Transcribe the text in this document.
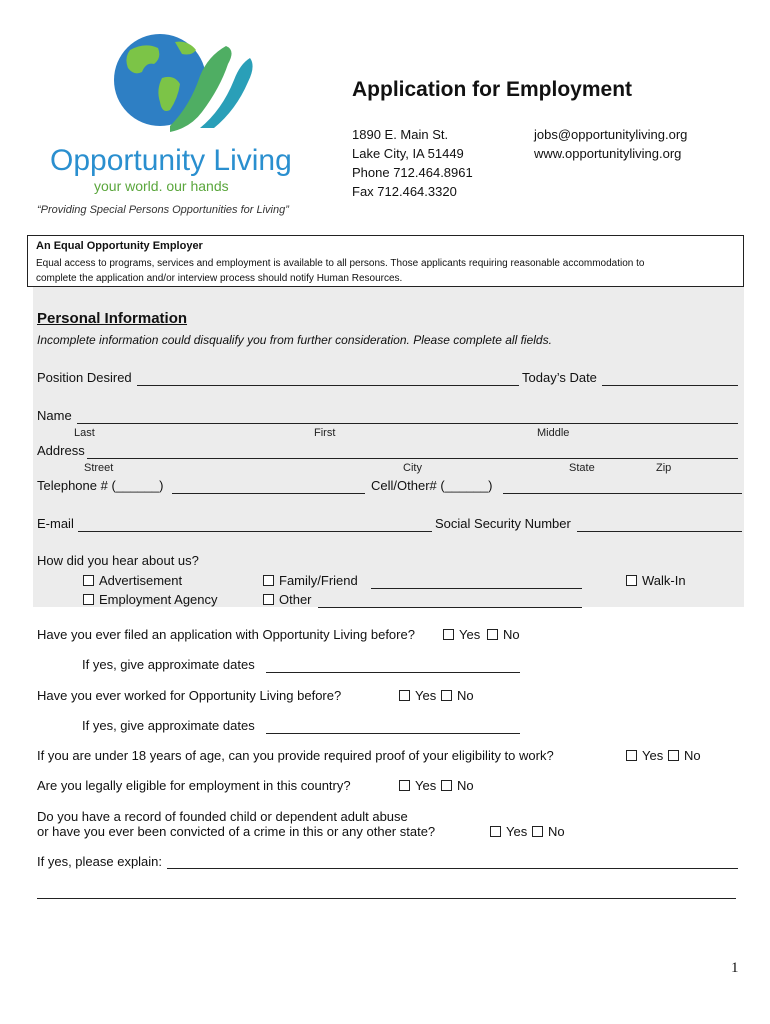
Opportunity Living
your world. our hands
“Providing Special Persons Opportunities for Living”
Application for Employment
1890 E. Main St.
Lake City, IA 51449
Phone 712.464.8961
Fax 712.464.3320
jobs@opportunityliving.org
www.opportunityliving.org
An Equal Opportunity Employer
Equal access to programs, services and employment is available to all persons. Those applicants requiring reasonable accommodation to
complete the application and/or interview process should notify Human Resources.
Personal Information
Incomplete information could disqualify you from further consideration. Please complete all fields.
Position Desired	Today’s Date
Name
Last	First	Middle
Address
Street	City	State	Zip
Telephone # (______)	Cell/Other# (______)
E-mail	Social Security Number
How did you hear about us?
Advertisement	Family/Friend	Walk-In
Employment Agency	Other
Have you ever filed an application with Opportunity Living before?	Yes	No
If yes, give approximate dates
Have you ever worked for Opportunity Living before?	Yes	No
If yes, give approximate dates
If you are under 18 years of age, can you provide required proof of your eligibility to work?	Yes	No
Are you legally eligible for employment in this country?	Yes	No
Do you have a record of founded child or dependent adult abuse
or have you ever been convicted of a crime in this or any other state?	Yes	No
If yes, please explain:
1
